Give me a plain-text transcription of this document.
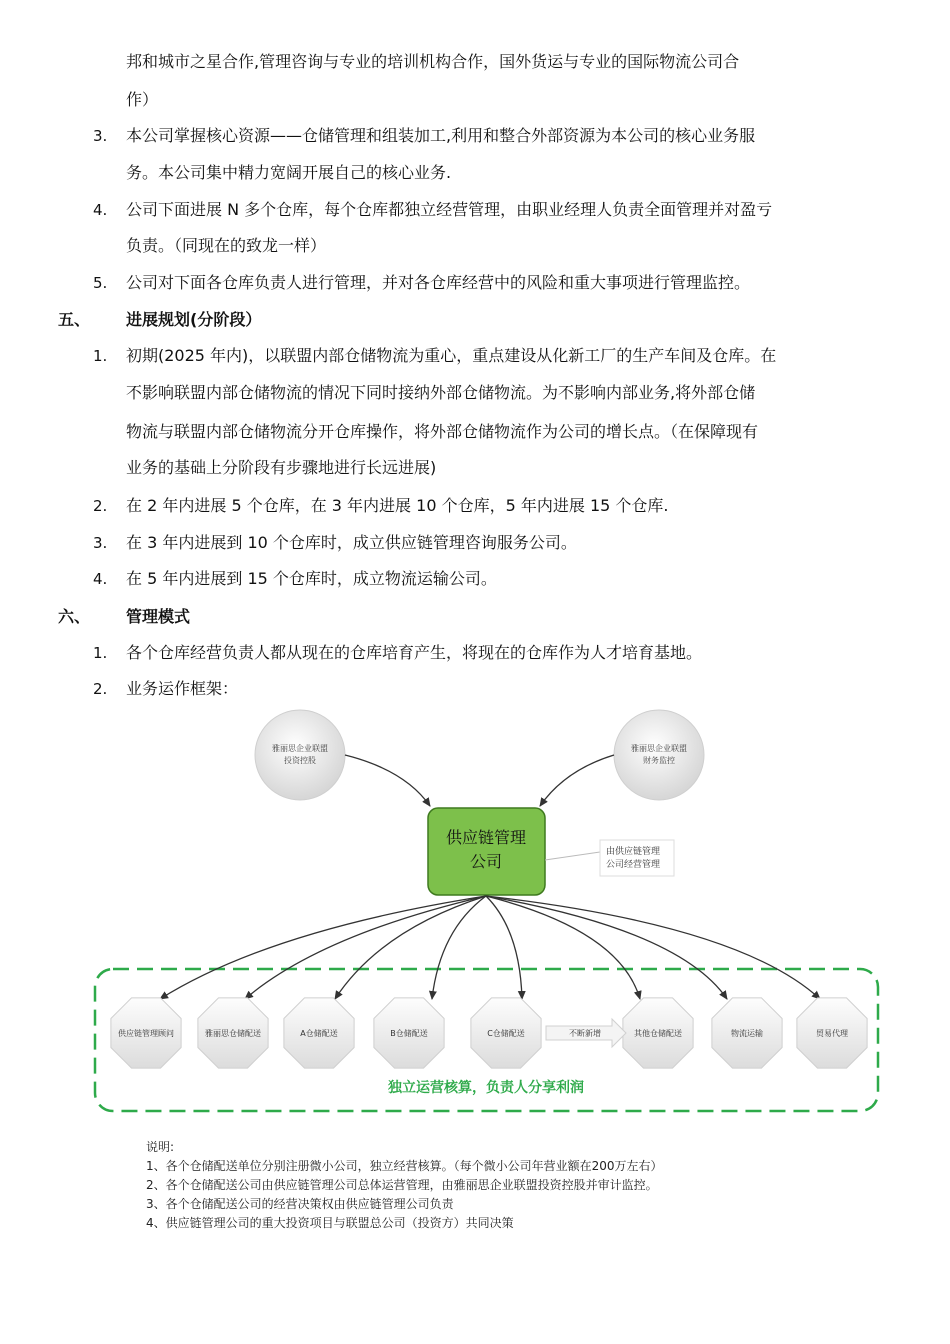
邦和城市之星合作,管理咨询与专业的培训机构合作，国外货运与专业的国际物流公司合
作）
3. 本公司掌握核心资源——仓储管理和组装加工,利用和整合外部资源为本公司的核心业务服
务。本公司集中精力宽阔开展自己的核心业务.
4. 公司下面进展 N 多个仓库，每个仓库都独立经营管理，由职业经理人负责全面管理并对盈亏
负责。（同现在的致龙一样）
5. 公司对下面各仓库负责人进行管理，并对各仓库经营中的风险和重大事项进行管理监控。
五、 进展规划(分阶段）
1. 初期(2025 年内)，以联盟内部仓储物流为重心，重点建设从化新工厂的生产车间及仓库。在
不影响联盟内部仓储物流的情况下同时接纳外部仓储物流。为不影响内部业务,将外部仓储
物流与联盟内部仓储物流分开仓库操作，将外部仓储物流作为公司的增长点。（在保障现有
业务的基础上分阶段有步骤地进行长远进展)
2. 在 2 年内进展 5 个仓库，在 3 年内进展 10 个仓库，5 年内进展 15 个仓库.
3. 在 3 年内进展到 10 个仓库时，成立供应链管理咨询服务公司。
4. 在 5 年内进展到 15 个仓库时，成立物流运输公司。
六、 管理模式
1. 各个仓库经营负责人都从现在的仓库培育产生，将现在的仓库作为人才培育基地。
2. 业务运作框架：
雅丽思企业联盟
投资控股
雅丽思企业联盟
财务监控
供应链管理
公司	由供应链管理
公司经营管理
供应链管理顾问	雅丽思仓储配送	A仓储配送	B仓储配送	C仓储配送	其他仓储配送	物流运输	贸易代理
不断新增
独立运营核算，负责人分享利润
说明:
1、各个仓储配送单位分别注册微小公司，独立经营核算。（每个微小公司年营业额在200万左右）
2、各个仓储配送公司由供应链管理公司总体运营管理，由雅丽思企业联盟投资控股并审计监控。
3、各个仓储配送公司的经营决策权由供应链管理公司负责
4、供应链管理公司的重大投资项目与联盟总公司（投资方）共同决策
